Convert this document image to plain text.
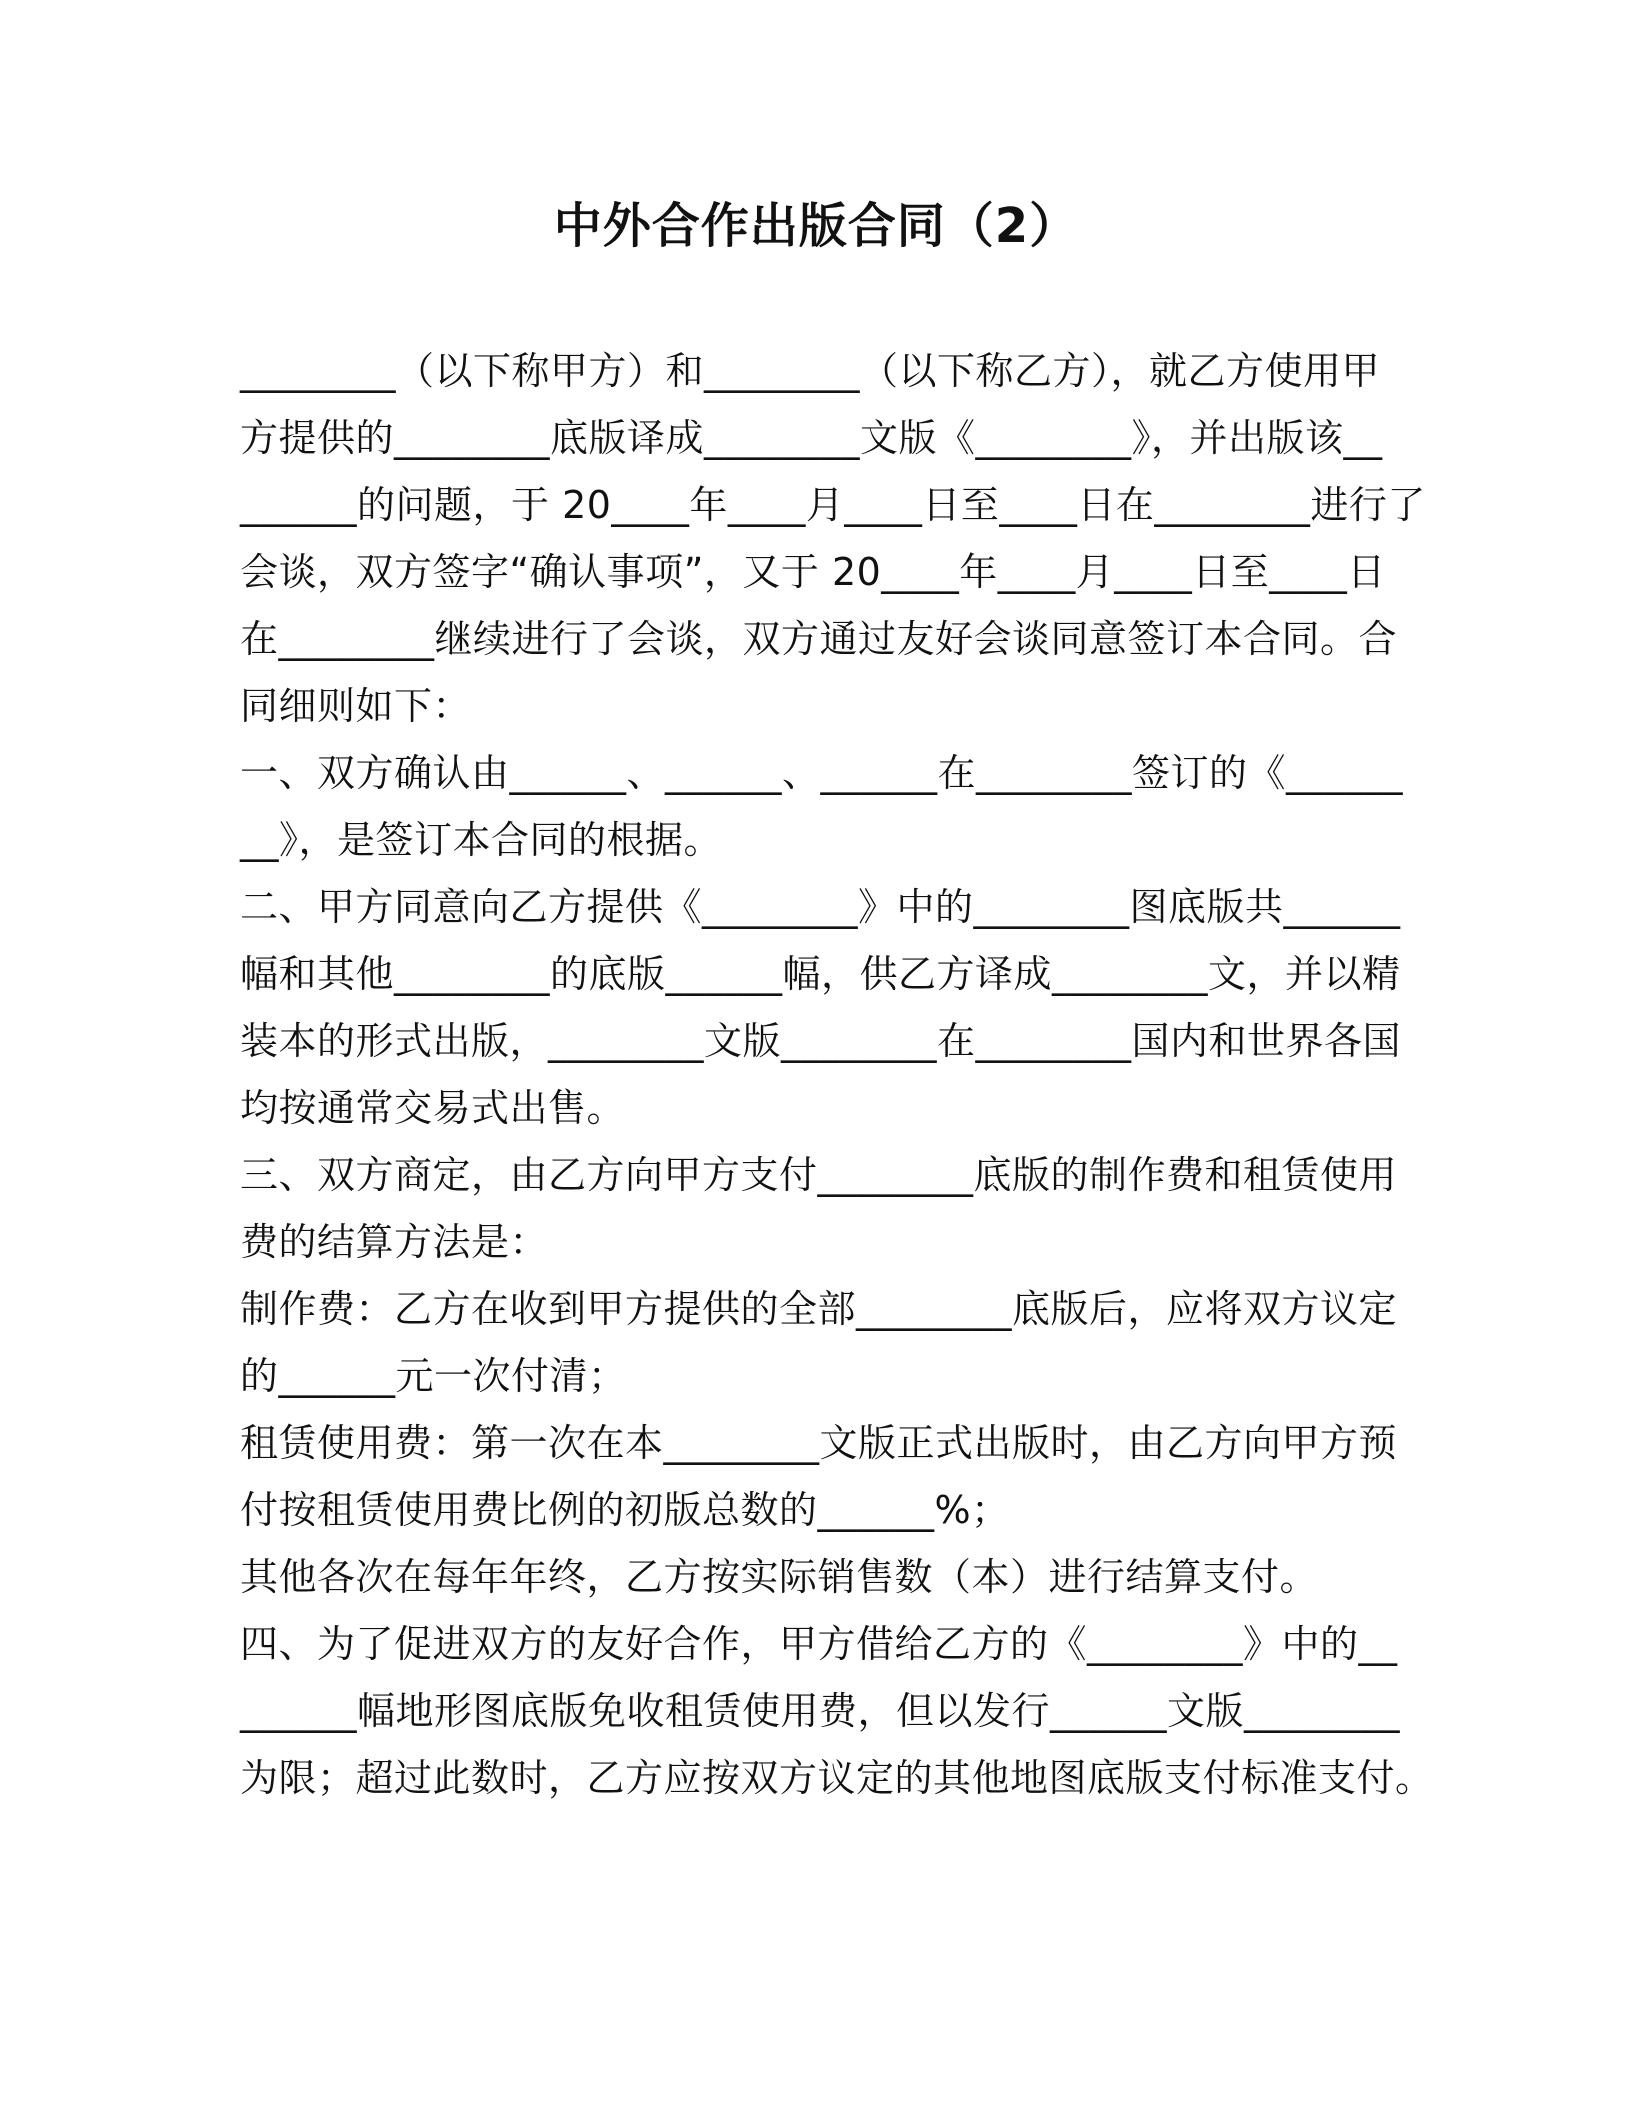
中外合作出版合同（2）
________（以下称甲方）和________（以下称乙方），就乙方使用甲
方提供的________底版译成________文版《________》，并出版该__
______的问题，于 20____年____月____日至____日在________进行了
会谈，双方签字“确认事项”，又于 20____年____月____日至____日
在________继续进行了会谈，双方通过友好会谈同意签订本合同。合
同细则如下：
一、双方确认由______、______、______在________签订的《______
__》，是签订本合同的根据。
二、甲方同意向乙方提供《________》中的________图底版共______
幅和其他________的底版______幅，供乙方译成________文，并以精
装本的形式出版，________文版________在________国内和世界各国
均按通常交易式出售。
三、双方商定，由乙方向甲方支付________底版的制作费和租赁使用
费的结算方法是：
制作费：乙方在收到甲方提供的全部________底版后，应将双方议定
的______元一次付清；
租赁使用费：第一次在本________文版正式出版时，由乙方向甲方预
付按租赁使用费比例的初版总数的______%；
其他各次在每年年终，乙方按实际销售数（本）进行结算支付。
四、为了促进双方的友好合作，甲方借给乙方的《________》中的__
______幅地形图底版免收租赁使用费，但以发行______文版________
为限；超过此数时，乙方应按双方议定的其他地图底版支付标准支付。
